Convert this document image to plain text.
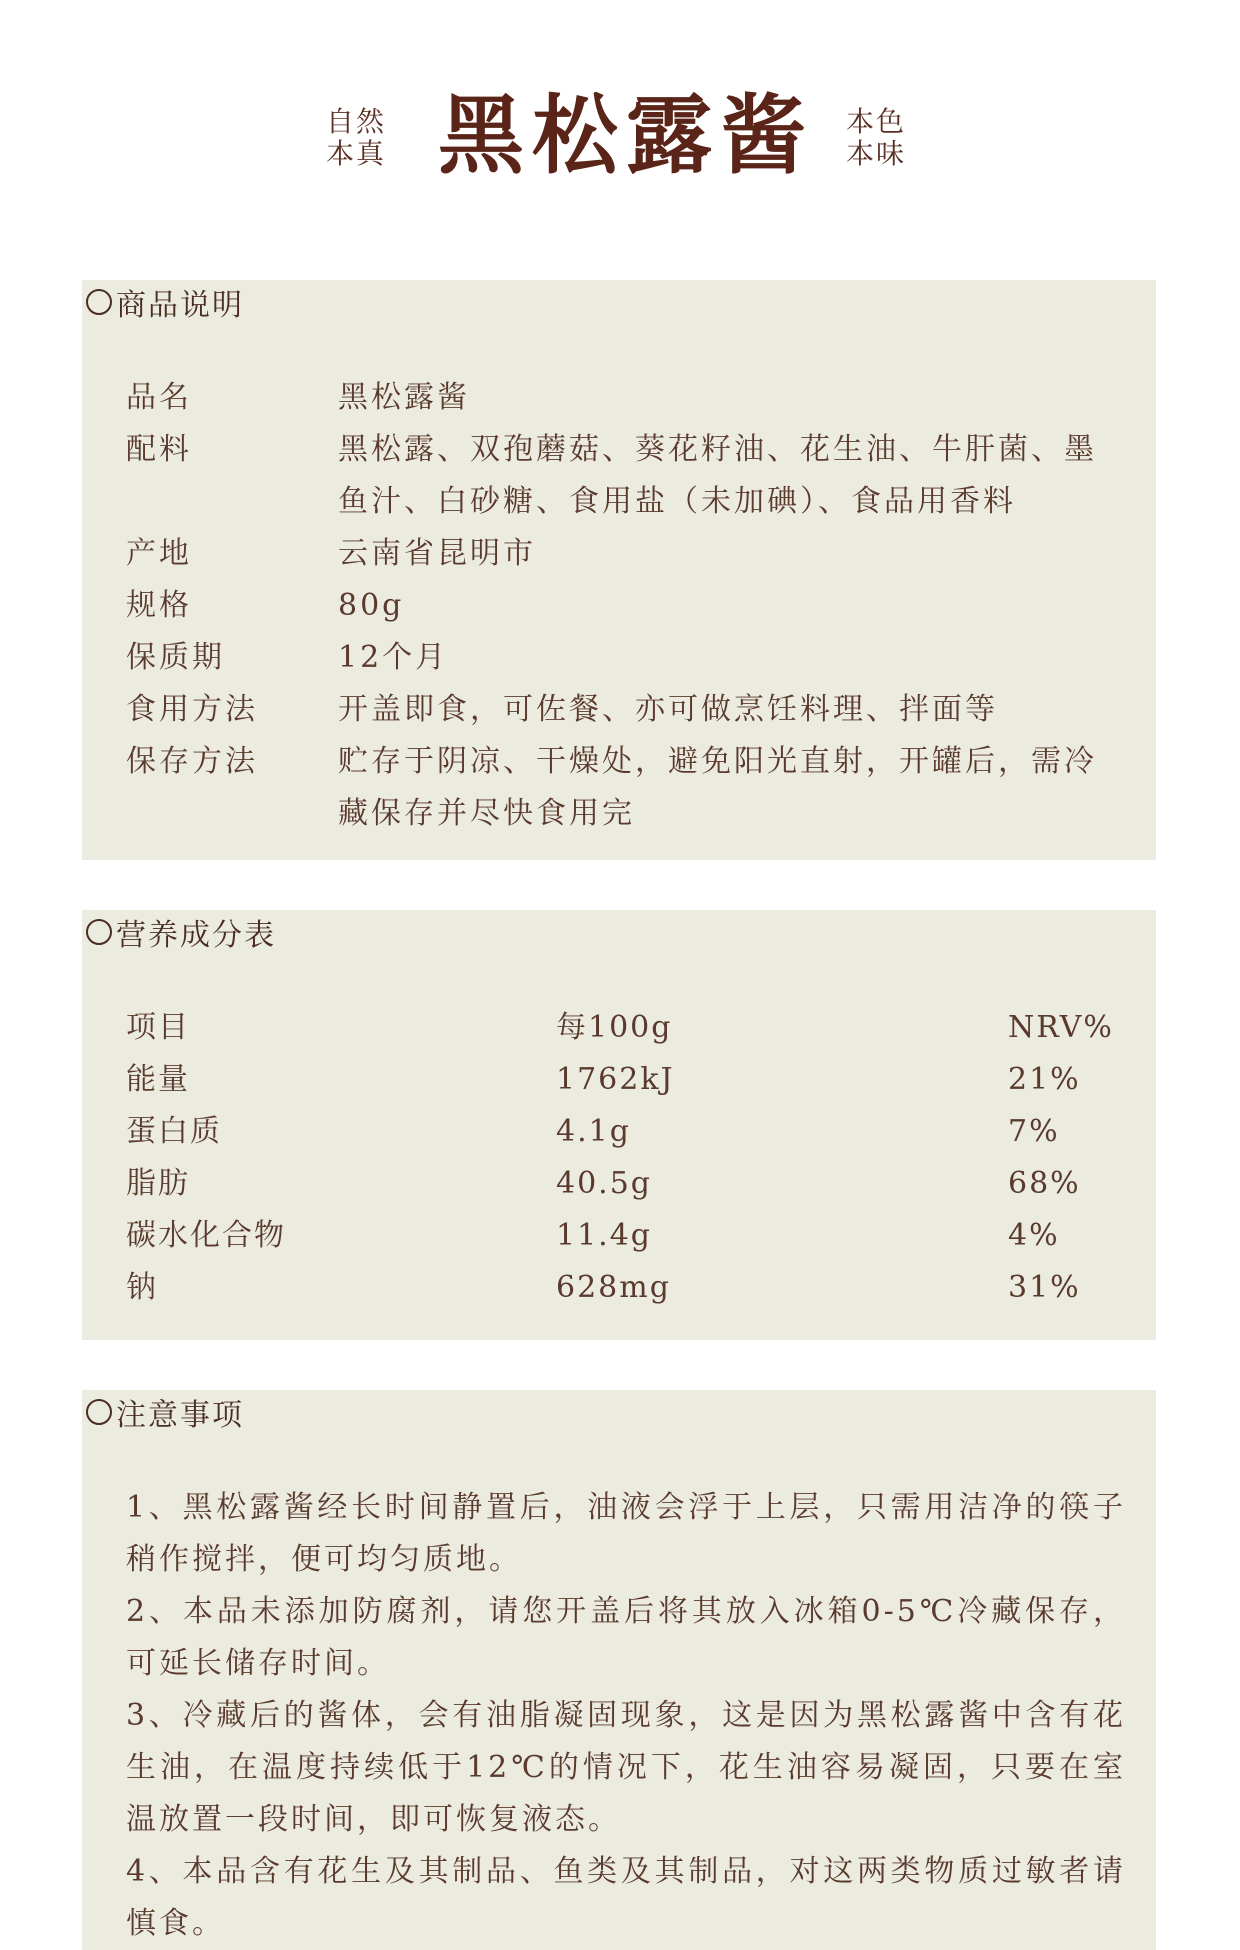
自然
本真 黑松露酱 本色
本味
商品说明
品名	黑松露酱
配料	黑松露、双孢蘑菇、葵花籽油、花生油、牛肝菌、墨鱼汁、白砂糖、食用盐（未加碘）、食品用香料
产地	云南省昆明市
规格	80g
保质期	12个月
食用方法	开盖即食，可佐餐、亦可做烹饪料理、拌面等
保存方法	贮存于阴凉、干燥处，避免阳光直射，开罐后，需冷藏保存并尽快食用完
营养成分表
项目	每100g	NRV%
能量	1762kJ	21%
蛋白质	4.1g	7%
脂肪	40.5g	68%
碳水化合物	11.4g	4%
钠	628mg	31%
注意事项

1、黑松露酱经长时间静置后，油液会浮于上层，只需用洁净的筷子稍作搅拌，便可均匀质地。

2、本品未添加防腐剂，请您开盖后将其放入冰箱0-5℃冷藏保存，可延长储存时间。

3、冷藏后的酱体，会有油脂凝固现象，这是因为黑松露酱中含有花生油，在温度持续低于12℃的情况下，花生油容易凝固，只要在室温放置一段时间，即可恢复液态。

4、本品含有花生及其制品、鱼类及其制品，对这两类物质过敏者请慎食。
